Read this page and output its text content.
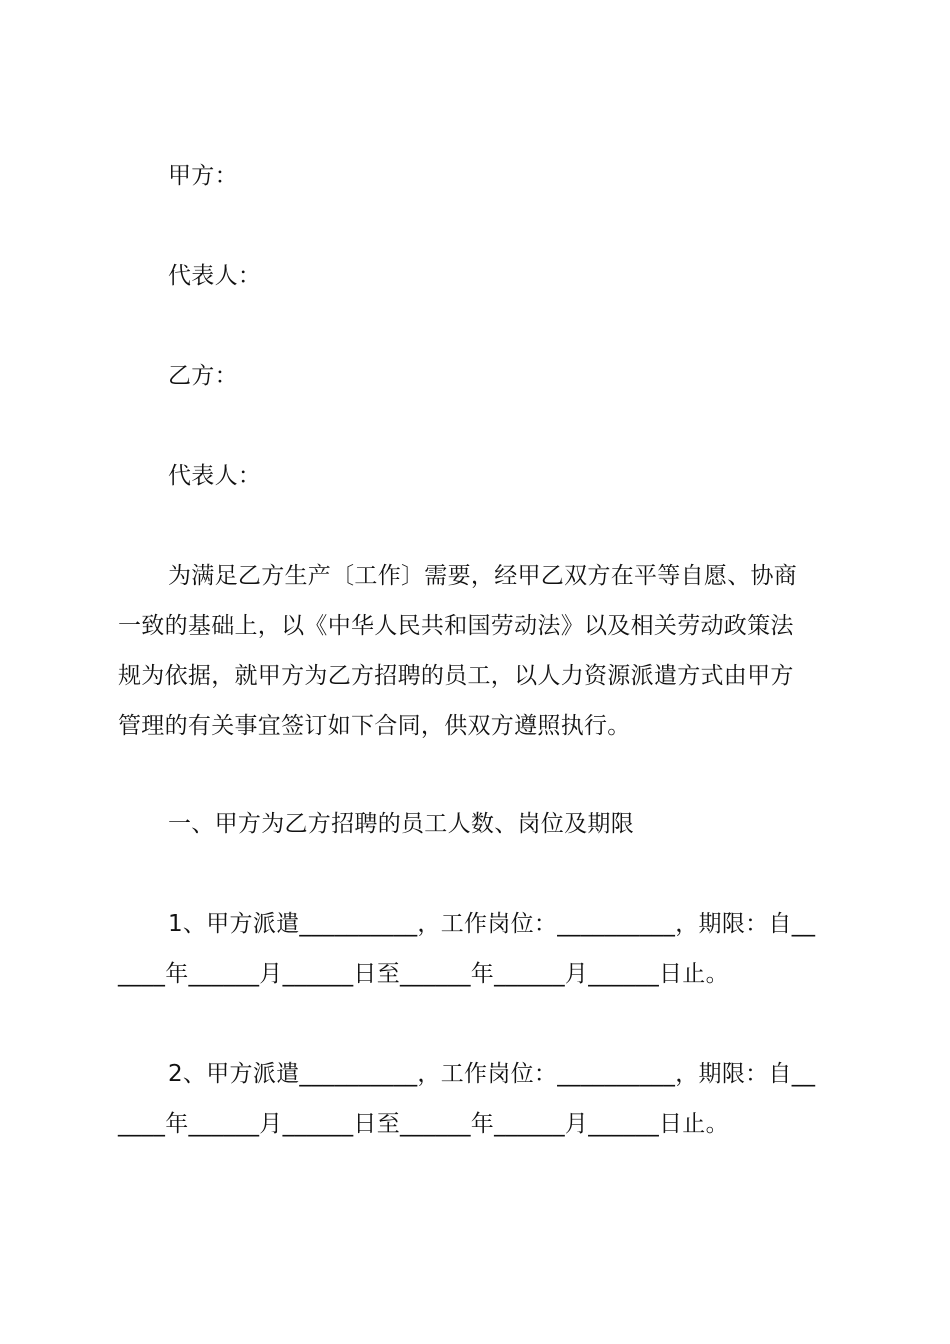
甲方：
代表人：
乙方：
代表人：
为满足乙方生产〔工作〕需要，经甲乙双方在平等自愿、协商
一致的基础上，以《中华人民共和国劳动法》以及相关劳动政策法
规为依据，就甲方为乙方招聘的员工，以人力资源派遣方式由甲方
管理的有关事宜签订如下合同，供双方遵照执行。
一、甲方为乙方招聘的员工人数、岗位及期限
1、甲方派遣__________，工作岗位：__________，期限：自__
____年______月______日至______年______月______日止。
2、甲方派遣__________，工作岗位：__________，期限：自__
____年______月______日至______年______月______日止。
